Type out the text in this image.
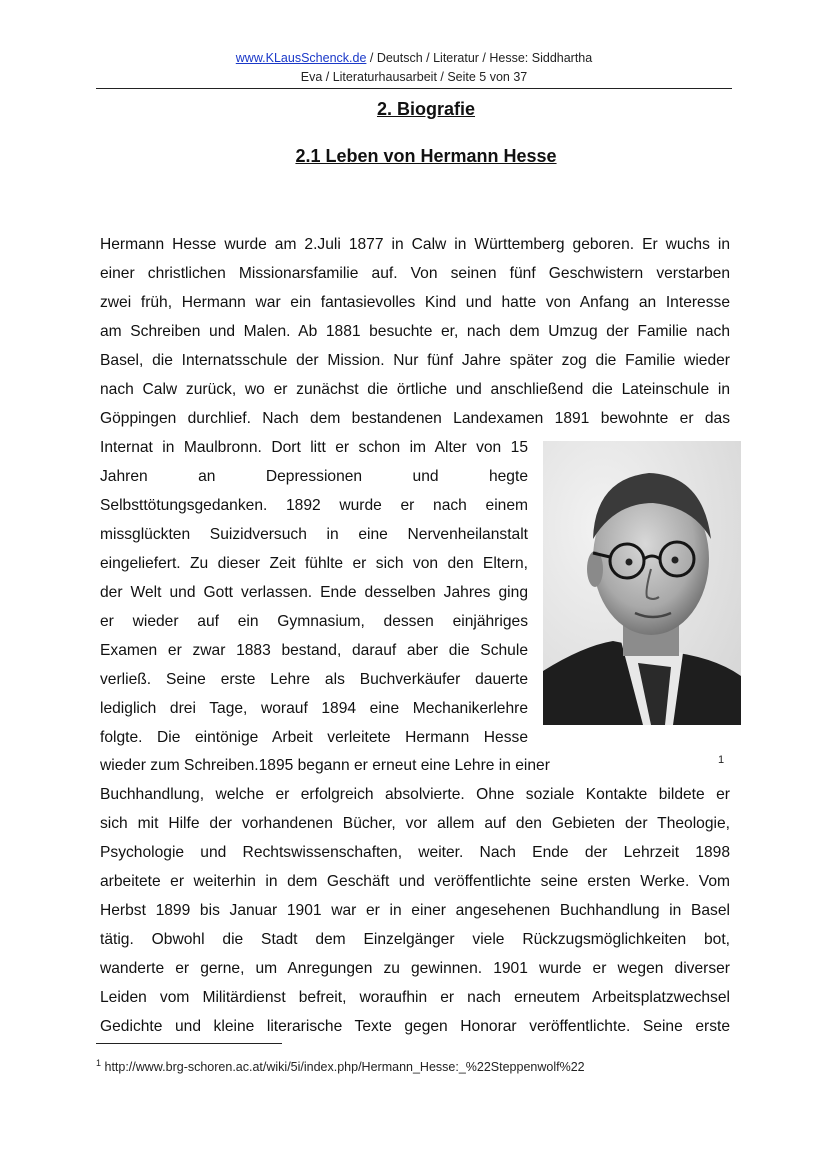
www.KLausSchenck.de / Deutsch / Literatur / Hesse: Siddhartha
Eva / Literaturhausarbeit / Seite 5 von 37
2. Biografie
2.1 Leben von Hermann Hesse
Hermann Hesse wurde am 2.Juli 1877 in Calw in Württemberg geboren. Er wuchs in
einer christlichen Missionarsfamilie auf. Von seinen fünf Geschwistern verstarben
zwei früh, Hermann war ein fantasievolles Kind und hatte von Anfang an Interesse
am Schreiben und Malen. Ab 1881 besuchte er, nach dem Umzug der Familie nach
Basel, die Internatsschule der Mission. Nur fünf Jahre später zog die Familie wieder
nach Calw zurück, wo er zunächst die örtliche und anschließend die Lateinschule in
Göppingen durchlief. Nach dem bestandenen Landexamen 1891 bewohnte er das
Internat in Maulbronn. Dort litt er schon im Alter von 15
Jahren an Depressionen und hegte
Selbsttötungsgedanken. 1892 wurde er nach einem
missglückten Suizidversuch in eine Nervenheilanstalt
eingeliefert. Zu dieser Zeit fühlte er sich von den Eltern,
der Welt und Gott verlassen. Ende desselben Jahres ging
er wieder auf ein Gymnasium, dessen einjähriges
Examen er zwar 1883 bestand, darauf aber die Schule
verließ. Seine erste Lehre als Buchverkäufer dauerte
lediglich drei Tage, worauf 1894 eine Mechanikerlehre
folgte. Die eintönige Arbeit verleitete Hermann Hesse
wieder zum Schreiben.1895 begann er erneut eine Lehre in einer	1
Buchhandlung, welche er erfolgreich absolvierte. Ohne soziale Kontakte bildete er
sich mit Hilfe der vorhandenen Bücher, vor allem auf den Gebieten der Theologie,
Psychologie und Rechtswissenschaften, weiter. Nach Ende der Lehrzeit 1898
arbeitete er weiterhin in dem Geschäft und veröffentlichte seine ersten Werke. Vom
Herbst 1899 bis Januar 1901 war er in einer angesehenen Buchhandlung in Basel
tätig. Obwohl die Stadt dem Einzelgänger viele Rückzugsmöglichkeiten bot,
wanderte er gerne, um Anregungen zu gewinnen. 1901 wurde er wegen diverser
Leiden vom Militärdienst befreit, woraufhin er nach erneutem Arbeitsplatzwechsel
Gedichte und kleine literarische Texte gegen Honorar veröffentlichte. Seine erste
$^1$ http://www.brg-schoren.ac.at/wiki/5i/index.php/Hermann_Hesse:_%22Steppenwolf%22
